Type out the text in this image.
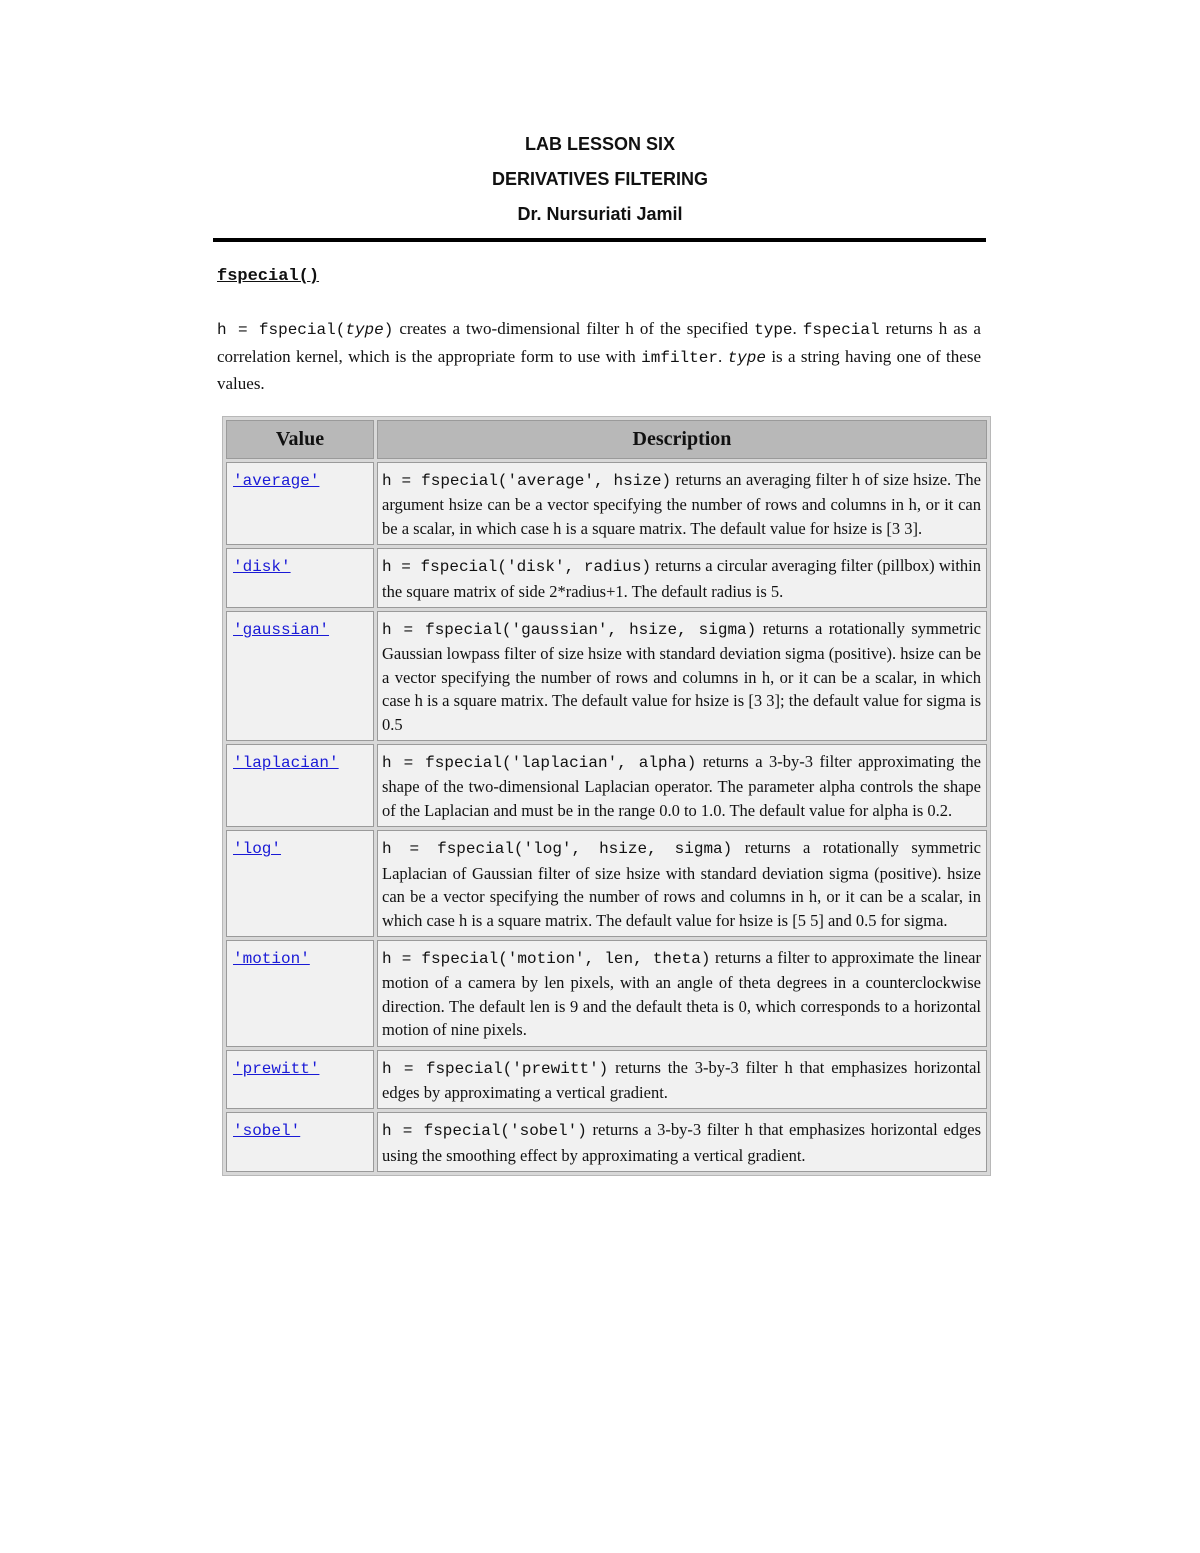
LAB LESSON SIX
DERIVATIVES FILTERING
Dr. Nursuriati Jamil
fspecial()
h = fspecial(type) creates a two-dimensional filter h of the specified type. fspecial returns h as a correlation kernel, which is the appropriate form to use with imfilter. type is a string having one of these values.
Value	Description
'average'	h = fspecial('average', hsize) returns an averaging filter h of size hsize. The argument hsize can be a vector specifying the number of rows and columns in h, or it can be a scalar, in which case h is a square matrix. The default value for hsize is [3 3].
'disk'	h = fspecial('disk', radius) returns a circular averaging filter (pillbox) within the square matrix of side 2*radius+1. The default radius is 5.
'gaussian'	h = fspecial('gaussian', hsize, sigma) returns a rotationally symmetric Gaussian lowpass filter of size hsize with standard deviation sigma (positive). hsize can be a vector specifying the number of rows and columns in h, or it can be a scalar, in which case h is a square matrix. The default value for hsize is [3 3]; the default value for sigma is 0.5
'laplacian'	h = fspecial('laplacian', alpha) returns a 3-by-3 filter approximating the shape of the two-dimensional Laplacian operator. The parameter alpha controls the shape of the Laplacian and must be in the range 0.0 to 1.0. The default value for alpha is 0.2.
'log'	h = fspecial('log', hsize, sigma) returns a rotationally symmetric Laplacian of Gaussian filter of size hsize with standard deviation sigma (positive). hsize can be a vector specifying the number of rows and columns in h, or it can be a scalar, in which case h is a square matrix. The default value for hsize is [5 5] and 0.5 for sigma.
'motion'	h = fspecial('motion', len, theta) returns a filter to approximate the linear motion of a camera by len pixels, with an angle of theta degrees in a counterclockwise direction. The default len is 9 and the default theta is 0, which corresponds to a horizontal motion of nine pixels.
'prewitt'	h = fspecial('prewitt') returns the 3-by-3 filter h that emphasizes horizontal edges by approximating a vertical gradient.
'sobel'	h = fspecial('sobel') returns a 3-by-3 filter h that emphasizes horizontal edges using the smoothing effect by approximating a vertical gradient.
